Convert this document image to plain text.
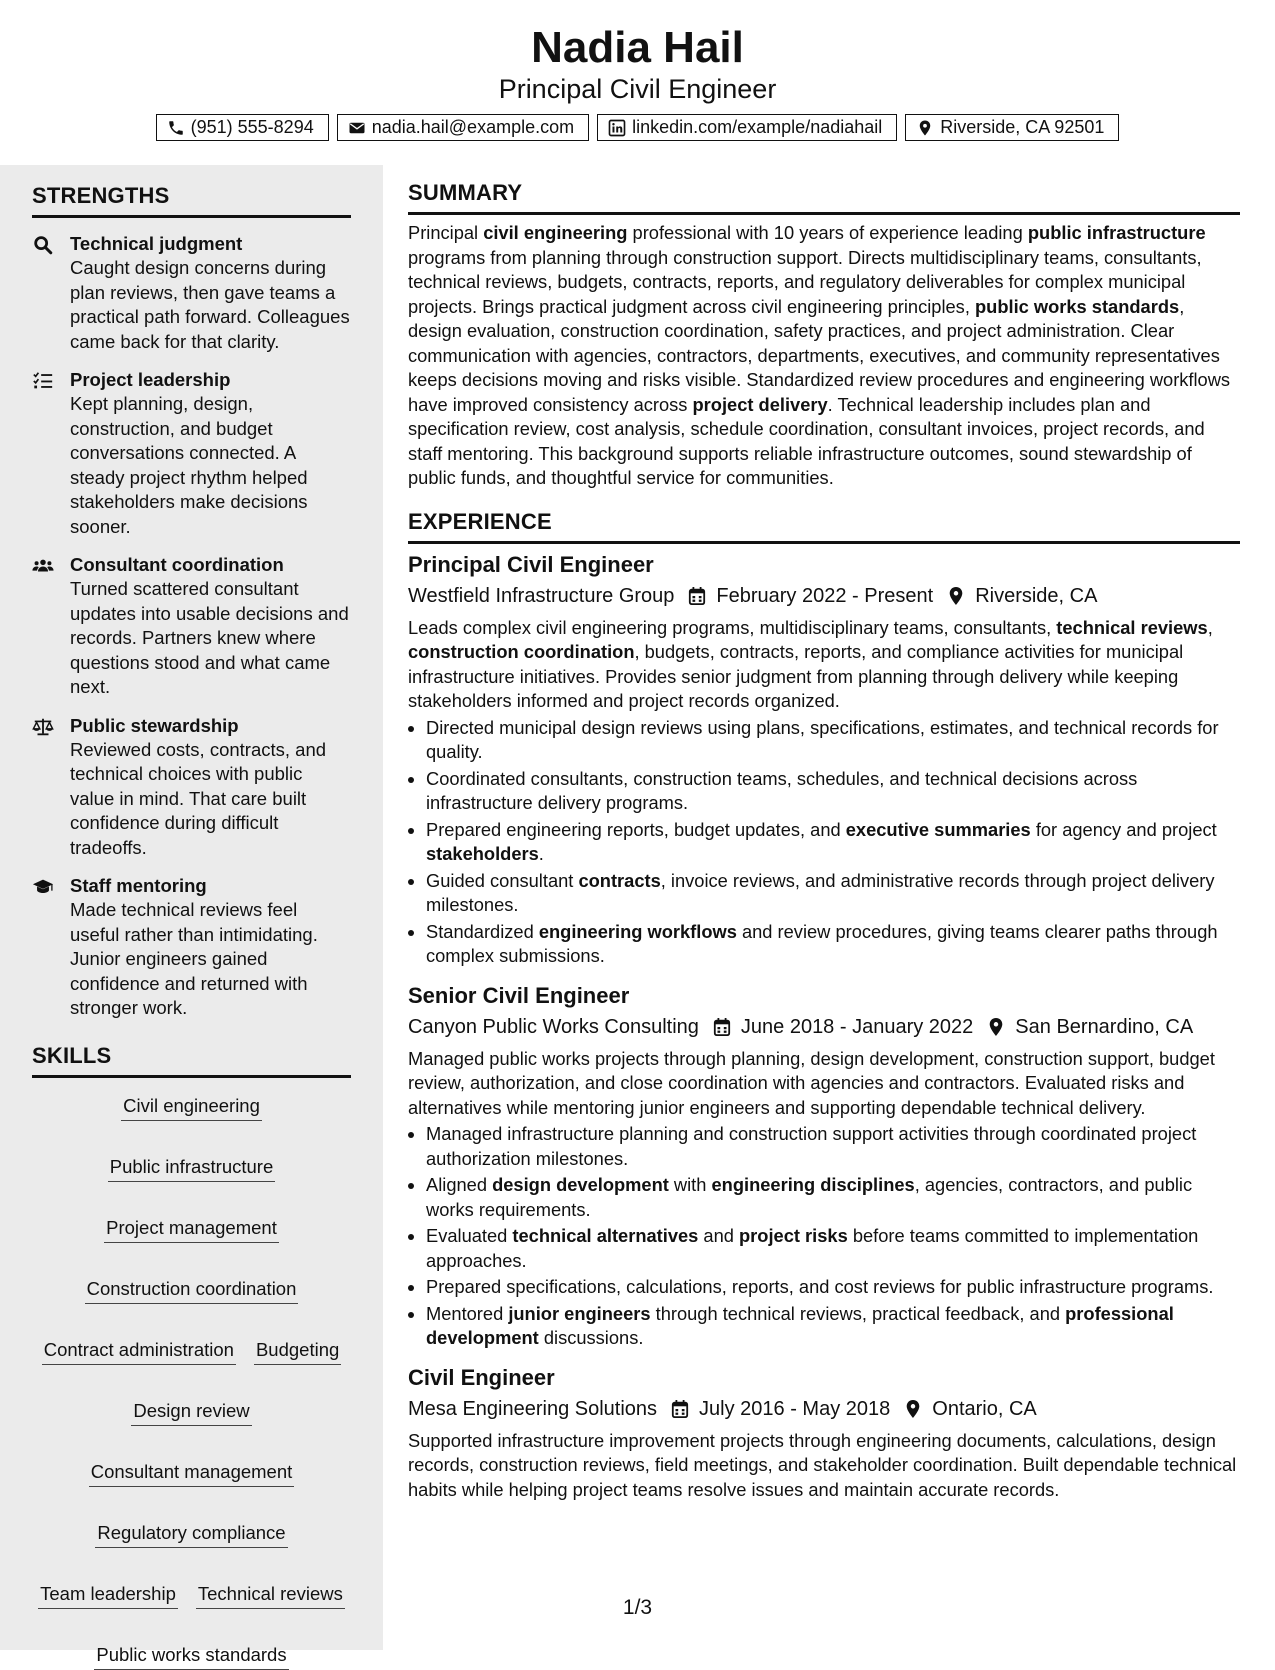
Nadia Hail
Principal Civil Engineer
(951) 555-8294	nadia.hail@example.com	linkedin.com/example/nadiahail	Riverside, CA 92501
STRENGTHS
Technical judgment
Caught design concerns during plan reviews, then gave teams a practical path forward. Colleagues came back for that clarity.
Project leadership
Kept planning, design, construction, and budget conversations connected. A steady project rhythm helped stakeholders make decisions sooner.
Consultant coordination
Turned scattered consultant updates into usable decisions and records. Partners knew where questions stood and what came next.
Public stewardship
Reviewed costs, contracts, and technical choices with public value in mind. That care built confidence during difficult tradeoffs.
Staff mentoring
Made technical reviews feel useful rather than intimidating. Junior engineers gained confidence and returned with stronger work.
SKILLS
Civil engineering
Public infrastructure
Project management
Construction coordination
Contract administration Budgeting
Design review
Consultant management
Regulatory compliance
Team leadership Technical reviews
Public works standards
SUMMARY

Principal civil engineering professional with 10 years of experience leading public infrastructure programs from planning through construction support. Directs multidisciplinary teams, consultants, technical reviews, budgets, contracts, reports, and regulatory deliverables for complex municipal projects. Brings practical judgment across civil engineering principles, public works standards, design evaluation, construction coordination, safety practices, and project administration. Clear communication with agencies, contractors, departments, executives, and community representatives keeps decisions moving and risks visible. Standardized review procedures and engineering workflows have improved consistency across project delivery. Technical leadership includes plan and specification review, cost analysis, schedule coordination, consultant invoices, project records, and staff mentoring. This background supports reliable infrastructure outcomes, sound stewardship of public funds, and thoughtful service for communities.

EXPERIENCE
Principal Civil Engineer
Westfield Infrastructure Group February 2022 - Present Riverside, CA

Leads complex civil engineering programs, multidisciplinary teams, consultants, technical reviews, construction coordination, budgets, contracts, reports, and compliance activities for municipal infrastructure initiatives. Provides senior judgment from planning through delivery while keeping stakeholders informed and project records organized.

• Directed municipal design reviews using plans, specifications, estimates, and technical records for quality.
• Coordinated consultants, construction teams, schedules, and technical decisions across infrastructure delivery programs.
• Prepared engineering reports, budget updates, and executive summaries for agency and project stakeholders.
• Guided consultant contracts, invoice reviews, and administrative records through project delivery milestones.
• Standardized engineering workflows and review procedures, giving teams clearer paths through complex submissions.
Senior Civil Engineer
Canyon Public Works Consulting June 2018 - January 2022 San Bernardino, CA

Managed public works projects through planning, design development, construction support, budget review, authorization, and close coordination with agencies and contractors. Evaluated risks and alternatives while mentoring junior engineers and supporting dependable technical delivery.

• Managed infrastructure planning and construction support activities through coordinated project authorization milestones.
• Aligned design development with engineering disciplines, agencies, contractors, and public works requirements.
• Evaluated technical alternatives and project risks before teams committed to implementation approaches.
• Prepared specifications, calculations, reports, and cost reviews for public infrastructure programs.
• Mentored junior engineers through technical reviews, practical feedback, and professional development discussions.
Civil Engineer
Mesa Engineering Solutions July 2016 - May 2018 Ontario, CA

Supported infrastructure improvement projects through engineering documents, calculations, design records, construction reviews, field meetings, and stakeholder coordination. Built dependable technical habits while helping project teams resolve issues and maintain accurate records.

1/3
